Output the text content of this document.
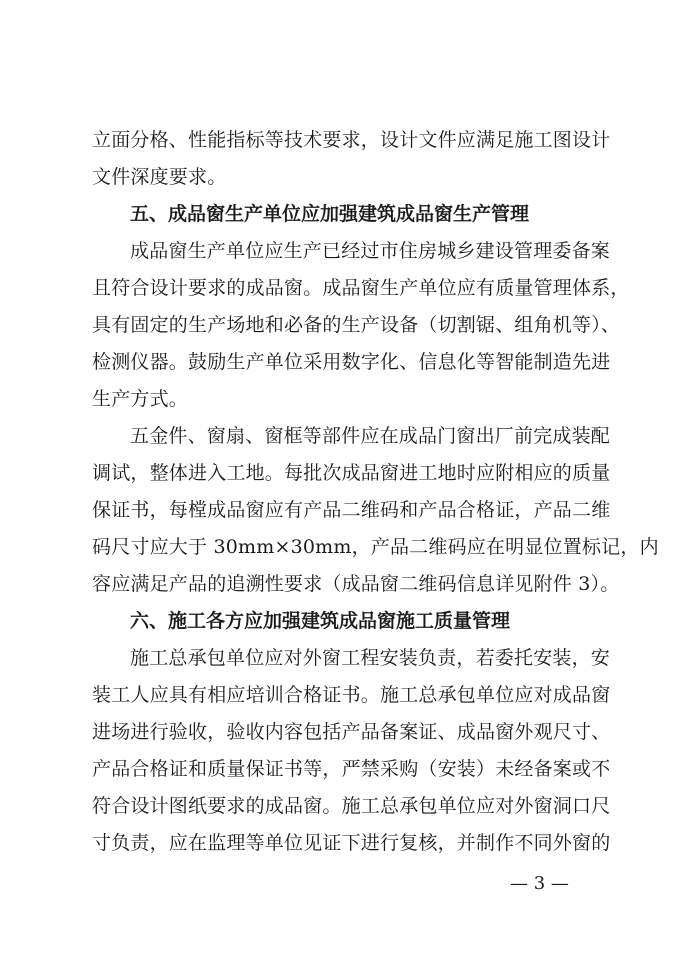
立面分格、性能指标等技术要求，设计文件应满足施工图设计
文件深度要求。
五、成品窗生产单位应加强建筑成品窗生产管理
成品窗生产单位应生产已经过市住房城乡建设管理委备案
且符合设计要求的成品窗。成品窗生产单位应有质量管理体系，
具有固定的生产场地和必备的生产设备（切割锯、组角机等）、
检测仪器。鼓励生产单位采用数字化、信息化等智能制造先进
生产方式。
五金件、窗扇、窗框等部件应在成品门窗出厂前完成装配
调试，整体进入工地。每批次成品窗进工地时应附相应的质量
保证书，每樘成品窗应有产品二维码和产品合格证，产品二维
码尺寸应大于 30mm×30mm，产品二维码应在明显位置标记，内
容应满足产品的追溯性要求（成品窗二维码信息详见附件 3）。
六、施工各方应加强建筑成品窗施工质量管理
施工总承包单位应对外窗工程安装负责，若委托安装，安
装工人应具有相应培训合格证书。施工总承包单位应对成品窗
进场进行验收，验收内容包括产品备案证、成品窗外观尺寸、
产品合格证和质量保证书等，严禁采购（安装）未经备案或不
符合设计图纸要求的成品窗。施工总承包单位应对外窗洞口尺
寸负责，应在监理等单位见证下进行复核，并制作不同外窗的
— 3 —
